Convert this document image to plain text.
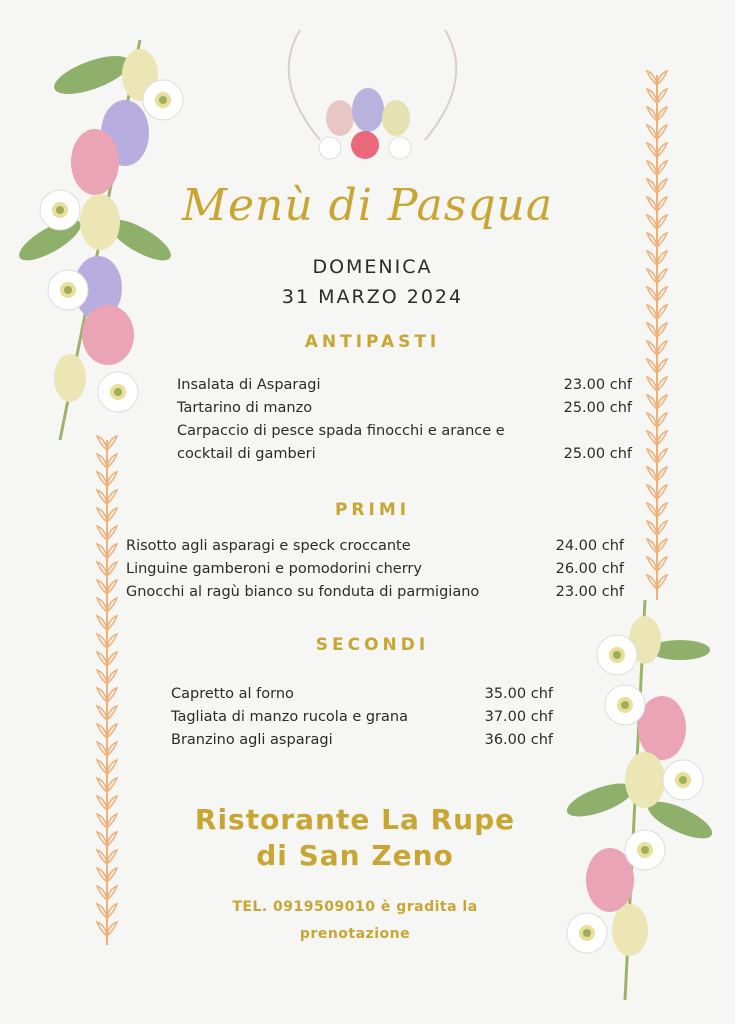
Menù di Pasqua
DOMENICA
31 MARZO 2024
ANTIPASTI
Insalata di Asparagi	23.00 chf
Tartarino di manzo	25.00 chf
Carpaccio di pesce spada finocchi e arance e
cocktail di gamberi	25.00 chf
PRIMI
Risotto agli asparagi e speck croccante	24.00 chf
Linguine gamberoni e pomodorini cherry	26.00 chf
Gnocchi al ragù bianco su fonduta di parmigiano	23.00 chf
SECONDI
Capretto al forno	35.00 chf
Tagliata di manzo rucola e grana	37.00 chf
Branzino agli asparagi	36.00 chf
Ristorante La Rupe
di San Zeno
TEL. 0919509010 è gradita la
prenotazione
